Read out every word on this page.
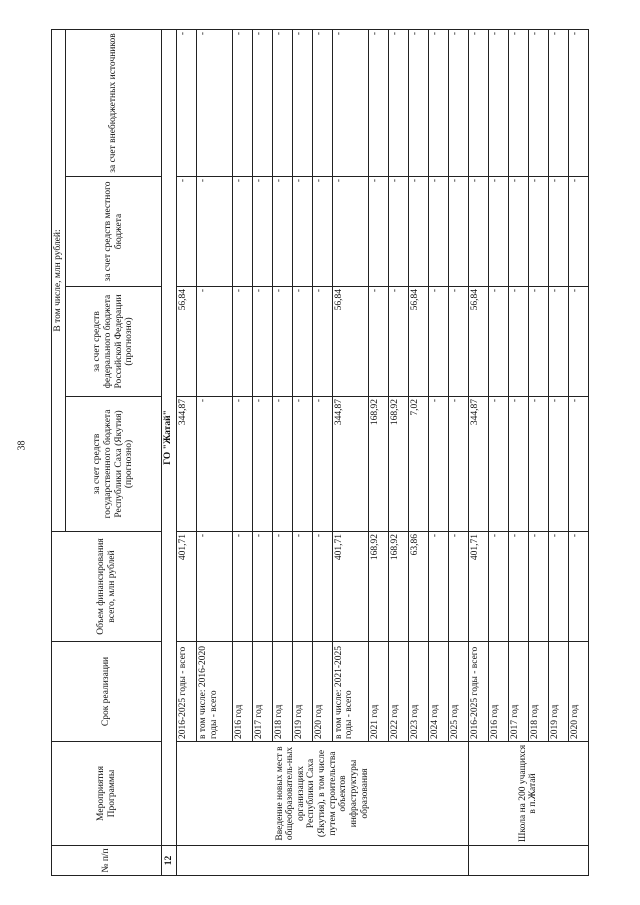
38
№ п/п	Мероприятия Программы	Срок реализации	Объем финансирования всего, млн рублей	В том числе, млн рублей:			
				за счет средств государственного бюджета Республики Саха (Якутия) (прогнозно)	за счет средств федерального бюджета Российской Федерации (прогнозно)	за счет средств местного бюджета	за счет внебюджетных источников
12	ГО "Жатай"						
	Введение новых мест в общеобразователь-ных организациях Республики Саха (Якутия), в том числе путем строительства объектов инфраструктуры образования	2016-2025 годы - всего	401,71	344,87	56,84	-	-
		в том числе: 2016-2020 годы - всего	-	-	-	-	-
		2016 год	-	-	-	-	-
		2017 год	-	-	-	-	-
		2018 год	-	-	-	-	-
		2019 год	-	-	-	-	-
		2020 год	-	-	-	-	-
		в том числе: 2021-2025 годы - всего	401,71	344,87	56,84	-	-
		2021 год	168,92	168,92	-	-	-
		2022 год	168,92	168,92	-	-	-
		2023 год	63,86	7,02	56,84	-	-
		2024 год	-	-	-	-	-
		2025 год	-	-	-	-	-
	Школа на 200 учащихся в п.Жатай	2016-2025 годы - всего	401,71	344,87	56,84	-	-
		2016 год	-	-	-	-	-
		2017 год	-	-	-	-	-
		2018 год	-	-	-	-	-
		2019 год	-	-	-	-	-
		2020 год	-	-	-	-	-
